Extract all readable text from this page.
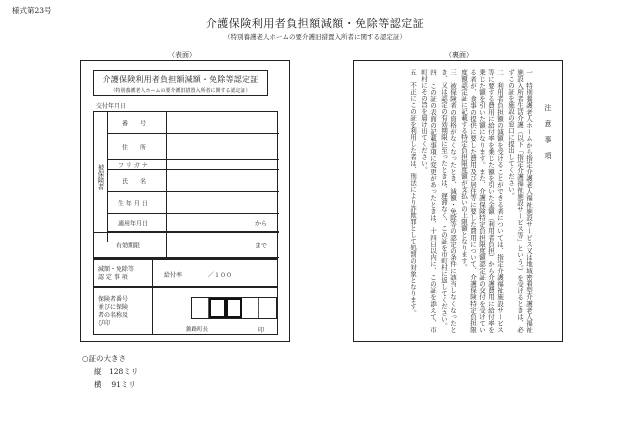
様式第23号
介護保険利用者負担額減額・免除等認定証
（特別養護老人ホームの要介護旧措置入所者に関する認定証）
（表面）	（裏面）
介護保険利用者負担額減額・免除等認定証
（特別養護老人ホームの要介護旧措置入所者に関する認定証）
交付年月日
被保険者
番　　号
住　　所
フ リ ガ ナ
氏　　名
生 年 月 日
適用年月日	から
有効期限	まで
減額・免除等
認 定 事 項	給付率	／１００
保険者番号
並びに保険
者の名称及
び印
釧路町長	印
○証の大きさ
縦　128ミリ
横　 91ミリ
注意事項
一　特別養護老人ホームから指定介護老人福祉施設サービス又は地域密着型介護老人福祉施設入所者生活介護（以下「指定介護福祉施設サービス等」という。）を受けるときは、必ずこの証を施設の窓口に提出してください。
二　利用者負担額の減額を受けることができる者については、指定介護福祉施設サービス等に要する費用に給付率を乗じた額を引いた金額（利用者負担）から介護費用に給付率を乗じた額を引いた額になります。また、介護保険特定負担限度額認定証の交付を受けている者が、食事の提供に要した費用及び居住等に要した費用について、介護保険特定負担限度額認定証に記載する特定負担限度額が支払いの上限額となります。
三　被保険者の資格がなくなったとき、減額・免除等の認定の条件に該当しなくなったとき、又は認定の有効期限に至ったときは、遅滞なく、この証を市町村に返してください。
四　この証の表面の記載事項に変更があったときは、十四日以内に、この証を添えて、市町村にその旨を届け出てください。
五　不正にこの証を利用した者は、刑法により詐欺罪として処罰の対象となります。
